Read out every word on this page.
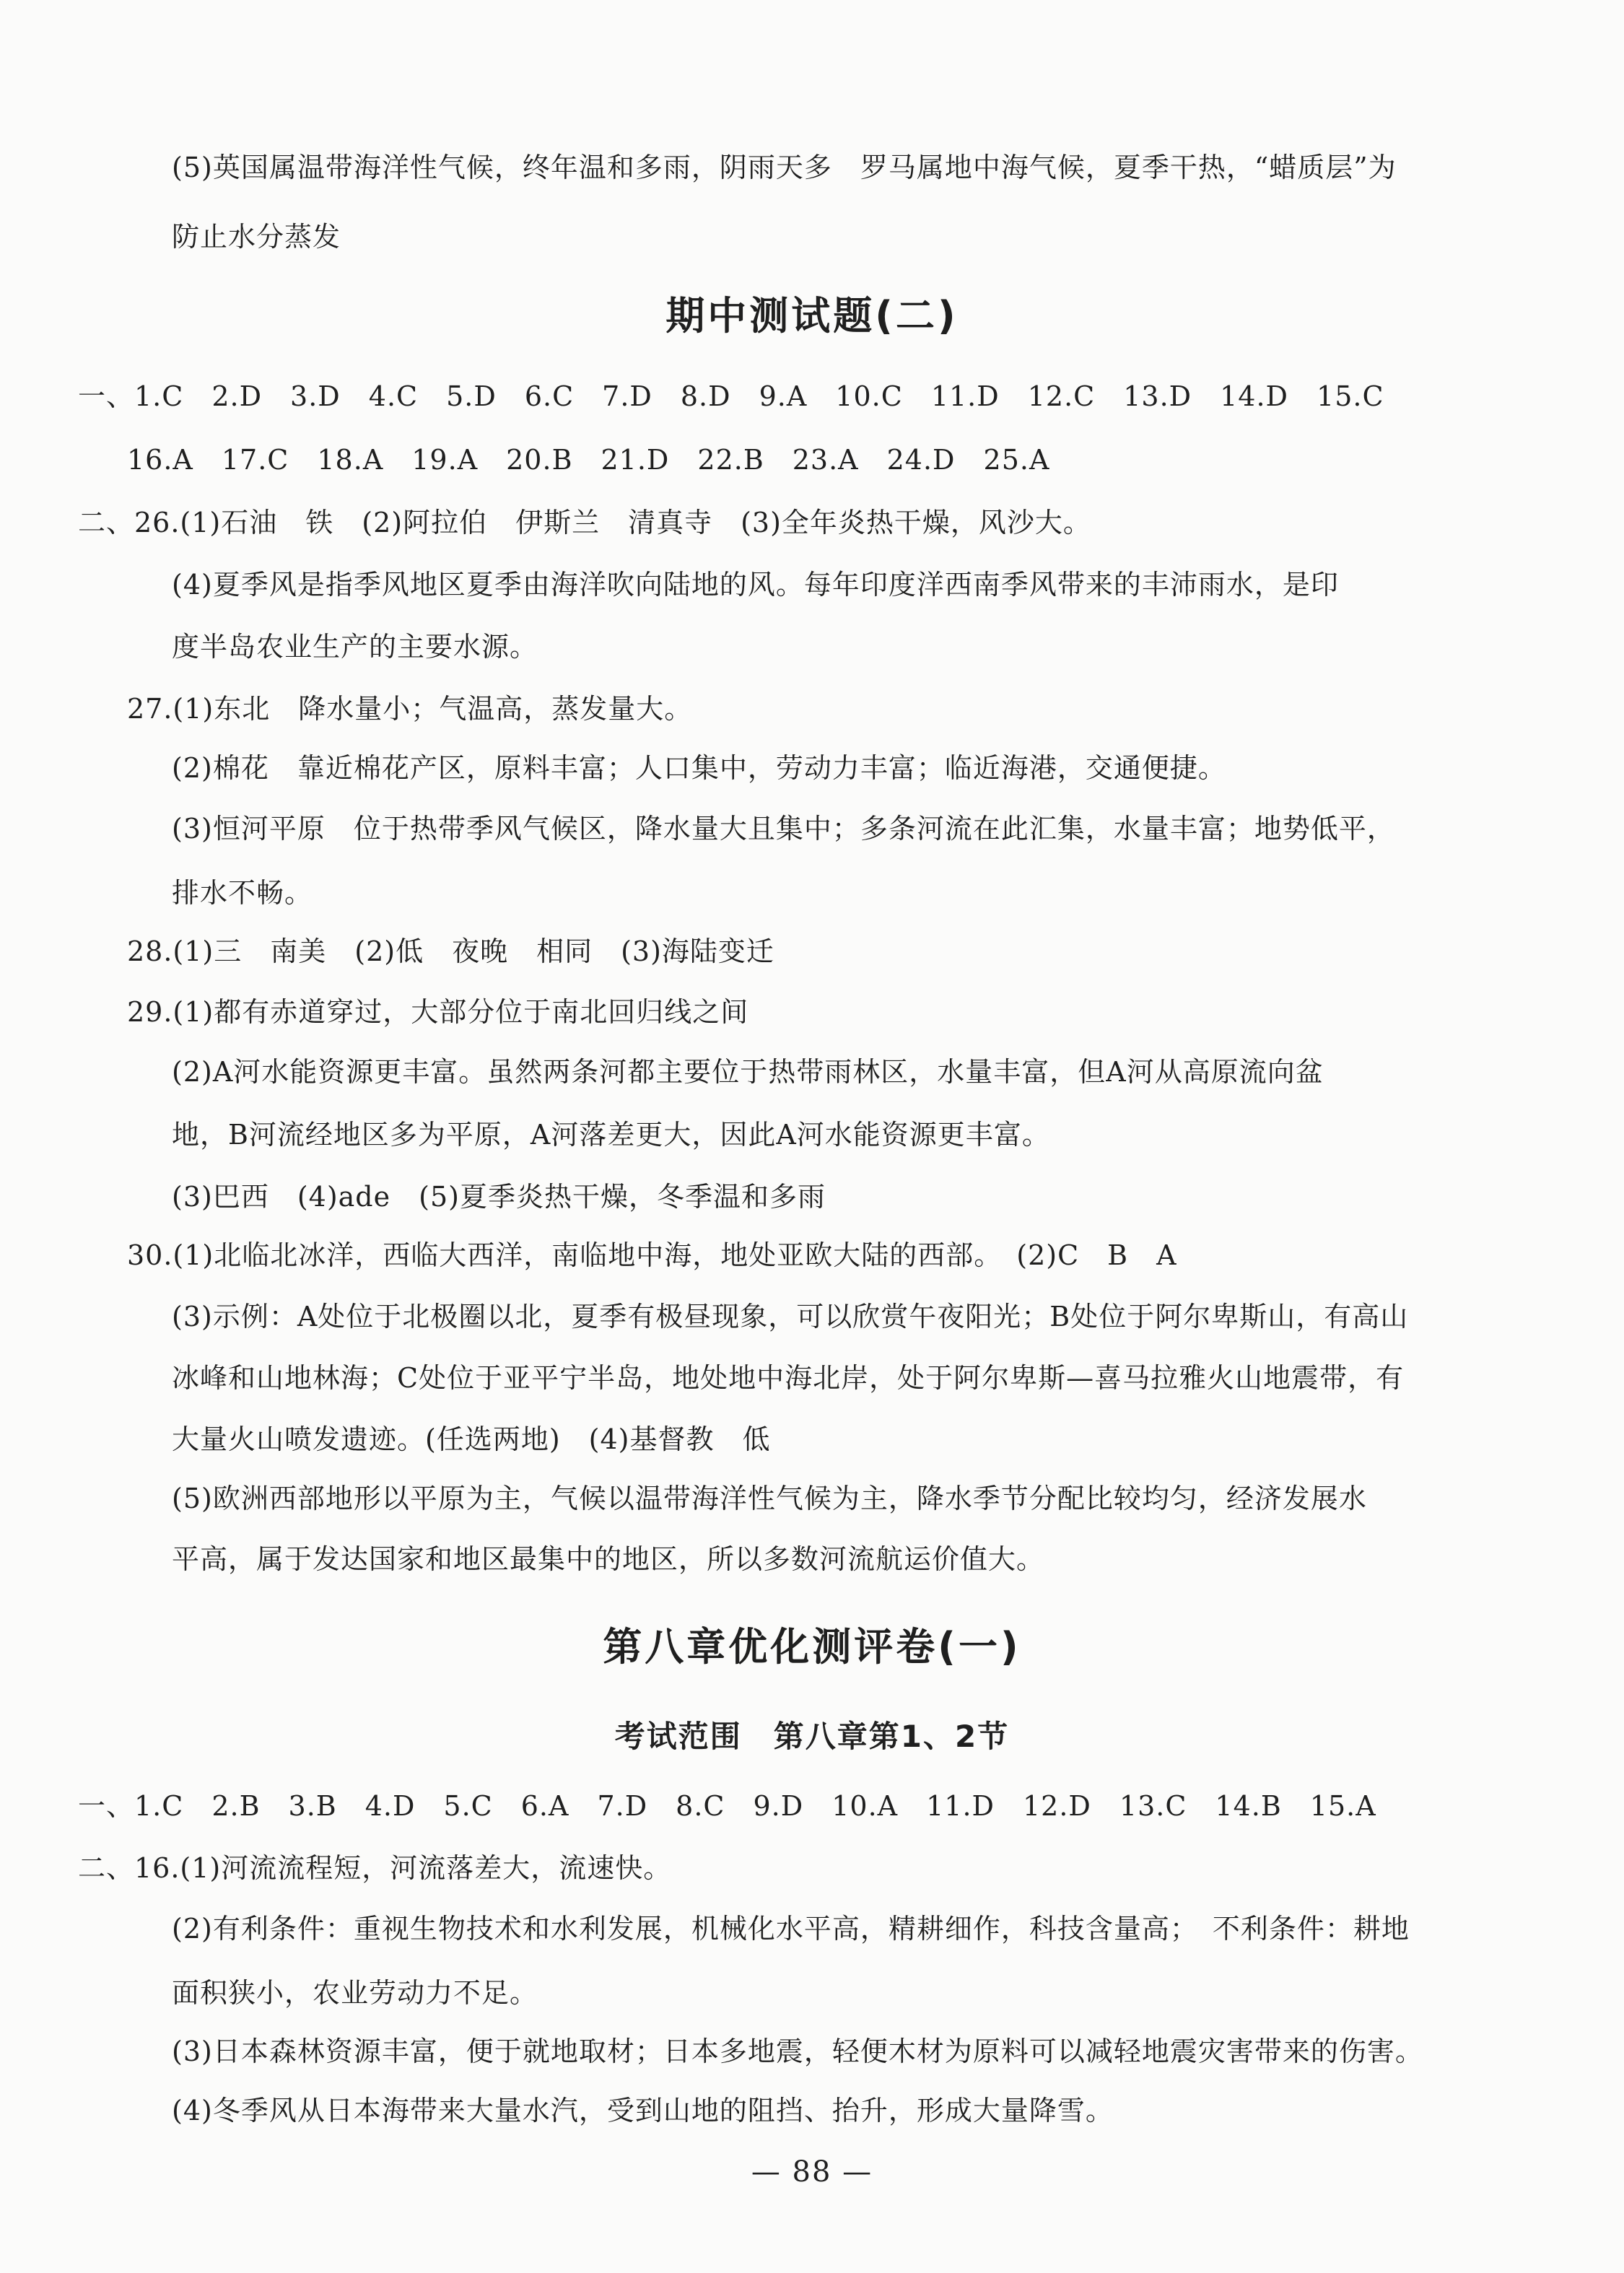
(5)英国属温带海洋性气候，终年温和多雨，阴雨天多　罗马属地中海气候，夏季干热，“蜡质层”为
防止水分蒸发
期中测试题(二)
一、1.C　2.D　3.D　4.C　5.D　6.C　7.D　8.D　9.A　10.C　11.D　12.C　13.D　14.D　15.C
16.A　17.C　18.A　19.A　20.B　21.D　22.B　23.A　24.D　25.A
二、26.(1)石油　铁　(2)阿拉伯　伊斯兰　清真寺　(3)全年炎热干燥，风沙大。
(4)夏季风是指季风地区夏季由海洋吹向陆地的风。每年印度洋西南季风带来的丰沛雨水，是印
度半岛农业生产的主要水源。
27.(1)东北　降水量小；气温高，蒸发量大。
(2)棉花　靠近棉花产区，原料丰富；人口集中，劳动力丰富；临近海港，交通便捷。
(3)恒河平原　位于热带季风气候区，降水量大且集中；多条河流在此汇集，水量丰富；地势低平，
排水不畅。
28.(1)三　南美　(2)低　夜晚　相同　(3)海陆变迁
29.(1)都有赤道穿过，大部分位于南北回归线之间
(2)A河水能资源更丰富。虽然两条河都主要位于热带雨林区，水量丰富，但A河从高原流向盆
地，B河流经地区多为平原，A河落差更大，因此A河水能资源更丰富。
(3)巴西　(4)ade　(5)夏季炎热干燥，冬季温和多雨
30.(1)北临北冰洋，西临大西洋，南临地中海，地处亚欧大陆的西部。　(2)C　B　A
(3)示例：A处位于北极圈以北，夏季有极昼现象，可以欣赏午夜阳光；B处位于阿尔卑斯山，有高山
冰峰和山地林海；C处位于亚平宁半岛，地处地中海北岸，处于阿尔卑斯—喜马拉雅火山地震带，有
大量火山喷发遗迹。(任选两地)　(4)基督教　低
(5)欧洲西部地形以平原为主，气候以温带海洋性气候为主，降水季节分配比较均匀，经济发展水
平高，属于发达国家和地区最集中的地区，所以多数河流航运价值大。
第八章优化测评卷(一)
考试范围　第八章第1、2节
一、1.C　2.B　3.B　4.D　5.C　6.A　7.D　8.C　9.D　10.A　11.D　12.D　13.C　14.B　15.A
二、16.(1)河流流程短，河流落差大，流速快。
(2)有利条件：重视生物技术和水利发展，机械化水平高，精耕细作，科技含量高；　不利条件：耕地
面积狭小，农业劳动力不足。
(3)日本森林资源丰富，便于就地取材；日本多地震，轻便木材为原料可以减轻地震灾害带来的伤害。
(4)冬季风从日本海带来大量水汽，受到山地的阻挡、抬升，形成大量降雪。
— 88 —
